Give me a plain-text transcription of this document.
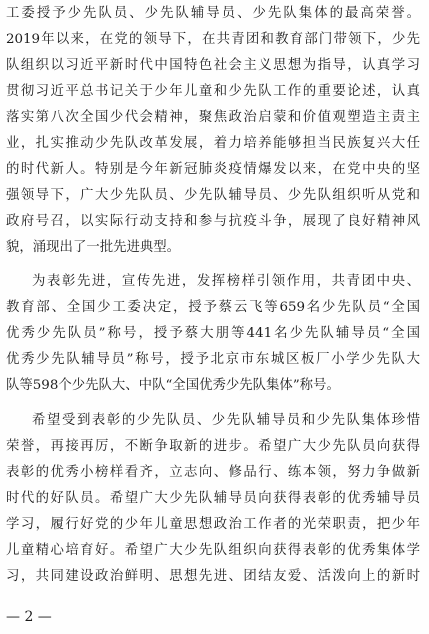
工委授予少先队员、少先队辅导员、少先队集体的最高荣誉。
2019年以来，在党的领导下，在共青团和教育部门带领下，少先
队组织以习近平新时代中国特色社会主义思想为指导，认真学习
贯彻习近平总书记关于少年儿童和少先队工作的重要论述，认真
落实第八次全国少代会精神，聚焦政治启蒙和价值观塑造主责主
业，扎实推动少先队改革发展，着力培养能够担当民族复兴大任
的时代新人。特别是今年新冠肺炎疫情爆发以来，在党中央的坚
强领导下，广大少先队员、少先队辅导员、少先队组织听从党和
政府号召，以实际行动支持和参与抗疫斗争，展现了良好精神风
貌，涌现出了一批先进典型。
为表彰先进，宣传先进，发挥榜样引领作用，共青团中央、
教育部、全国少工委决定，授予蔡云飞等659名少先队员“全国
优秀少先队员”称号，授予蔡大朋等441名少先队辅导员“全国
优秀少先队辅导员”称号，授予北京市东城区板厂小学少先队大
队等598个少先队大、中队“全国优秀少先队集体”称号。
希望受到表彰的少先队员、少先队辅导员和少先队集体珍惜
荣誉，再接再厉，不断争取新的进步。希望广大少先队员向获得
表彰的优秀小榜样看齐，立志向、修品行、练本领，努力争做新
时代的好队员。希望广大少先队辅导员向获得表彰的优秀辅导员
学习，履行好党的少年儿童思想政治工作者的光荣职责，把少年
儿童精心培育好。希望广大少先队组织向获得表彰的优秀集体学
习，共同建设政治鲜明、思想先进、团结友爱、活泼向上的新时
— 2 —
